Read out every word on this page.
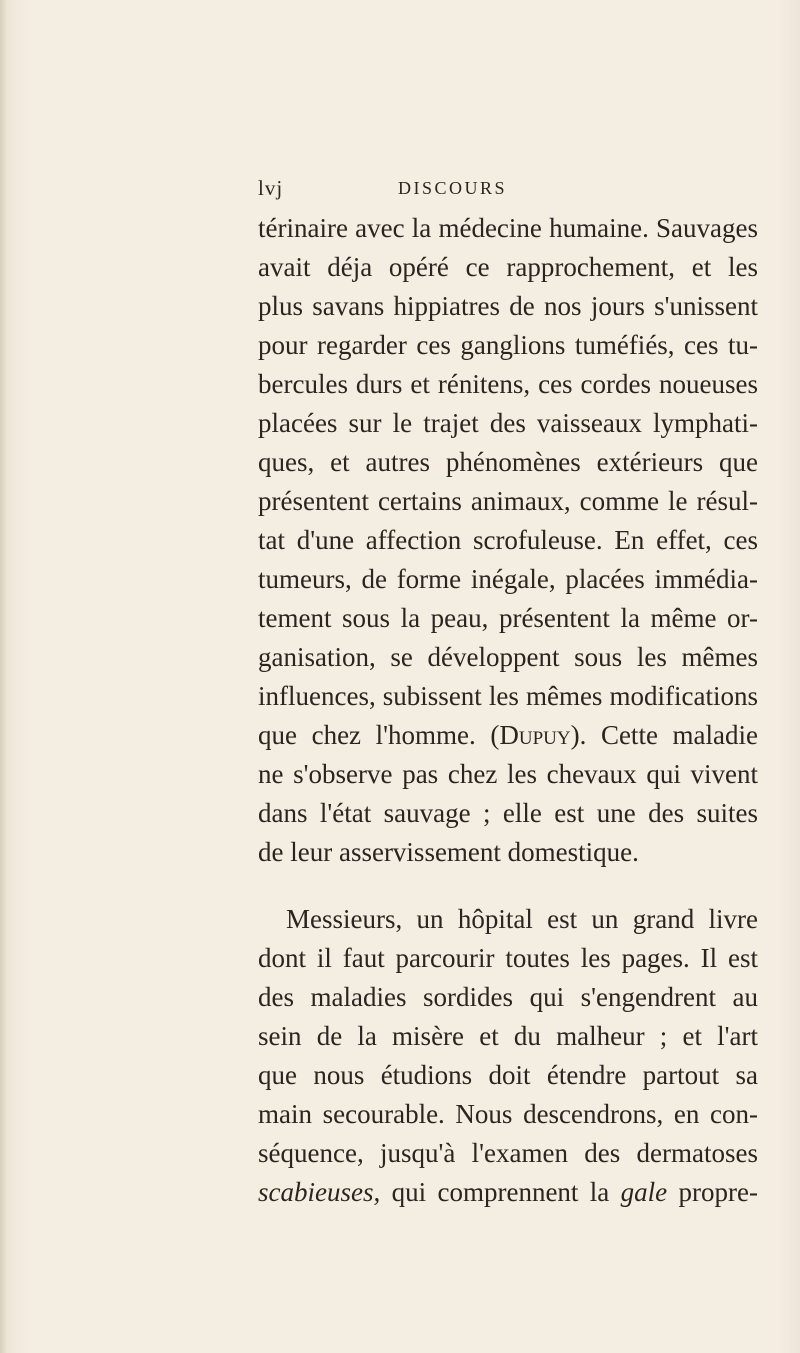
lvj	DISCOURS
térinaire avec la médecine humaine. Sauvages
avait déja opéré ce rapprochement, et les
plus savans hippiatres de nos jours s'unissent
pour regarder ces ganglions tuméfiés, ces tu-
bercules durs et rénitens, ces cordes noueuses
placées sur le trajet des vaisseaux lymphati-
ques, et autres phénomènes extérieurs que
présentent certains animaux, comme le résul-
tat d'une affection scrofuleuse. En effet, ces
tumeurs, de forme inégale, placées immédia-
tement sous la peau, présentent la même or-
ganisation, se développent sous les mêmes
influences, subissent les mêmes modifications
que chez l'homme. (Dupuy). Cette maladie
ne s'observe pas chez les chevaux qui vivent
dans l'état sauvage ; elle est une des suites
de leur asservissement domestique.
Messieurs, un hôpital est un grand livre
dont il faut parcourir toutes les pages. Il est
des maladies sordides qui s'engendrent au
sein de la misère et du malheur ; et l'art
que nous étudions doit étendre partout sa
main secourable. Nous descendrons, en con-
séquence, jusqu'à l'examen des dermatoses
scabieuses, qui comprennent la gale propre-
